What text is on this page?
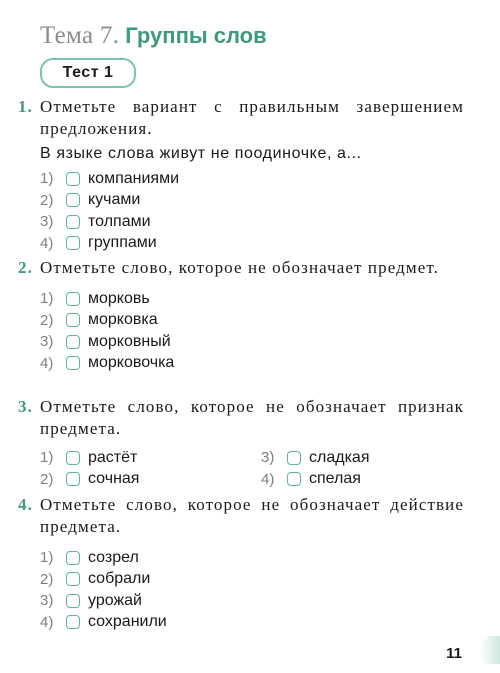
Тема 7. Группы слов
Тест 1
1. Отметьте вариант с правильным завершением предложения.
В языке слова живут не поодиночке, а...
1)	компаниями
2)	кучами
3)	толпами
4)	группами
2. Отметьте слово, которое не обозначает предмет.
1)	морковь
2)	морковка
3)	морковный
4)	морковочка
3. Отметьте слово, которое не обозначает признак предмета.
1)	растёт	3)	сладкая
2)	сочная	4)	спелая
4. Отметьте слово, которое не обозначает действие предмета.
1)	созрел
2)	собрали
3)	урожай
4)	сохранили
11
